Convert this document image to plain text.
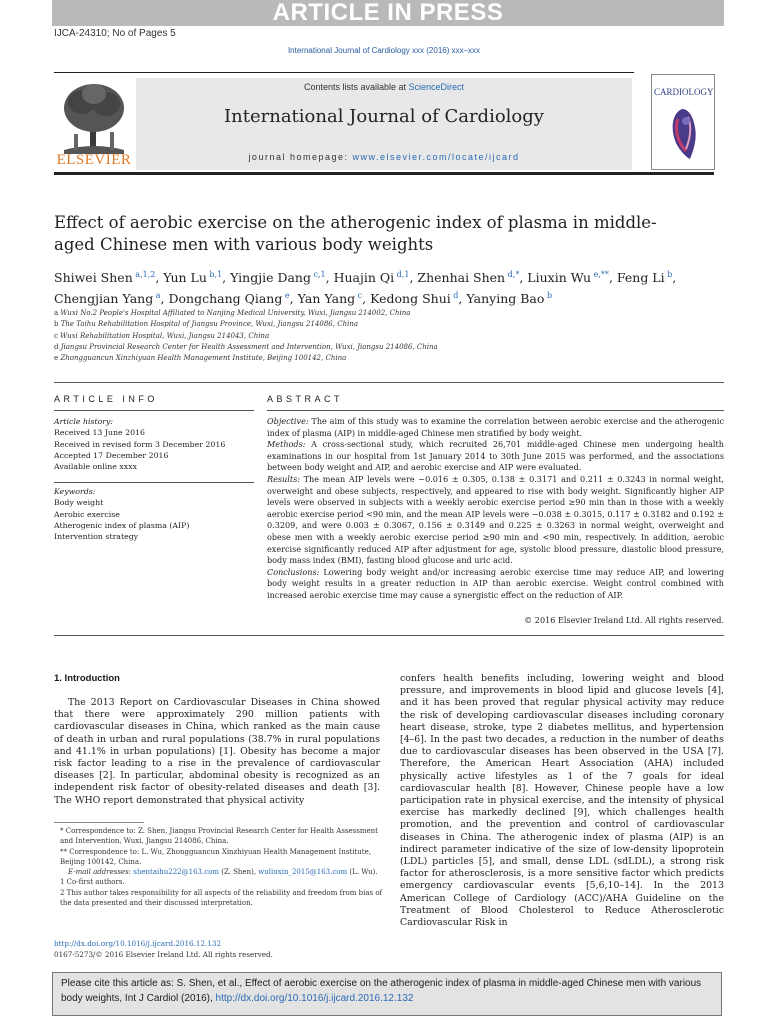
ARTICLE IN PRESS
IJCA-24310; No of Pages 5
International Journal of Cardiology xxx (2016) xxx–xxx
ELSEVIER
Contents lists available at ScienceDirect
International Journal of Cardiology
journal homepage: www.elsevier.com/locate/ijcard
CARDIOLOGY
Effect of aerobic exercise on the atherogenic index of plasma in middle-aged Chinese men with various body weights
Shiwei Shen $^{a,1,2}$, Yun Lu $^{b,1}$, Yingjie Dang $^{c,1}$, Huajin Qi $^{d,1}$, Zhenhai Shen $^{d,*}$, Liuxin Wu $^{e,**}$, Feng Li $^b$, Chengjian Yang $^a$, Dongchang Qiang $^e$, Yan Yang $^c$, Kedong Shui $^d$, Yanying Bao $^b$
a Wuxi No.2 People's Hospital Affiliated to Nanjing Medical University, Wuxi, Jiangsu 214002, China
b The Taihu Rehabilitation Hospital of Jiangsu Province, Wuxi, Jiangsu 214086, China
c Wuxi Rehabilitation Hospital, Wuxi, Jiangsu 214043, China
d Jiangsu Provincial Research Center for Health Assessment and Intervention, Wuxi, Jiangsu 214086, China
e Zhongguancun Xinzhiyuan Health Management Institute, Beijing 100142, China
ARTICLE INFO	ABSTRACT
Article history:
Received 13 June 2016
Received in revised form 3 December 2016
Accepted 17 December 2016
Available online xxxx
Keywords:
Body weight
Aerobic exercise
Atherogenic index of plasma (AIP)
Intervention strategy
Objective: The aim of this study was to examine the correlation between aerobic exercise and the atherogenic index of plasma (AIP) in middle-aged Chinese men stratified by body weight.
Methods: A cross-sectional study, which recruited 26,701 middle-aged Chinese men undergoing health examinations in our hospital from 1st January 2014 to 30th June 2015 was performed, and the associations between body weight and AIP, and aerobic exercise and AIP were evaluated.
Results: The mean AIP levels were −0.016 ± 0.305, 0.138 ± 0.3171 and 0.211 ± 0.3243 in normal weight, overweight and obese subjects, respectively, and appeared to rise with body weight. Significantly higher AIP levels were observed in subjects with a weekly aerobic exercise period ≥90 min than in those with a weekly aerobic exercise period <90 min, and the mean AIP levels were −0.038 ± 0.3015, 0.117 ± 0.3182 and 0.192 ± 0.3209, and were 0.003 ± 0.3067, 0.156 ± 0.3149 and 0.225 ± 0.3263 in normal weight, overweight and obese men with a weekly aerobic exercise period ≥90 min and <90 min, respectively. In addition, aerobic exercise significantly reduced AIP after adjustment for age, systolic blood pressure, diastolic blood pressure, body mass index (BMI), fasting blood glucose and uric acid.
Conclusions: Lowering body weight and/or increasing aerobic exercise time may reduce AIP, and lowering body weight results in a greater reduction in AIP than aerobic exercise. Weight control combined with increased aerobic exercise time may cause a synergistic effect on the reduction of AIP.
© 2016 Elsevier Ireland Ltd. All rights reserved.
1. Introduction
The 2013 Report on Cardiovascular Diseases in China showed that there were approximately 290 million patients with cardiovascular diseases in China, which ranked as the main cause of death in urban and rural populations (38.7% in rural populations and 41.1% in urban populations) [1]. Obesity has become a major risk factor leading to a rise in the prevalence of cardiovascular diseases [2]. In particular, abdominal obesity is recognized as an independent risk factor of obesity-related diseases and death [3]. The WHO report demonstrated that physical activity
confers health benefits including, lowering weight and blood pressure, and improvements in blood lipid and glucose levels [4], and it has been proved that regular physical activity may reduce the risk of developing cardiovascular diseases including coronary heart disease, stroke, type 2 diabetes mellitus, and hypertension [4–6]. In the past two decades, a reduction in the number of deaths due to cardiovascular diseases has been observed in the USA [7]. Therefore, the American Heart Association (AHA) included physically active lifestyles as 1 of the 7 goals for ideal cardiovascular health [8]. However, Chinese people have a low participation rate in physical exercise, and the intensity of physical exercise has markedly declined [9], which challenges health promotion, and the prevention and control of cardiovascular diseases in China. The atherogenic index of plasma (AIP) is an indirect parameter indicative of the size of low-density lipoprotein (LDL) particles [5], and small, dense LDL (sdLDL), a strong risk factor for atherosclerosis, is a more sensitive factor which predicts emergency cardiovascular events [5,6,10–14]. In the 2013 American College of Cardiology (ACC)/AHA Guideline on the Treatment of Blood Cholesterol to Reduce Atherosclerotic Cardiovascular Risk in
* Correspondence to: Z. Shen, Jiangsu Provincial Research Center for Health Assessment and Intervention, Wuxi, Jiangsu 214086, China.
** Correspondence to: L. Wu, Zhongguancun Xinzhiyuan Health Management Institute, Beijing 100142, China.
E-mail addresses: shentaihu222@163.com (Z. Shen), wuliuxin_2015@163.com (L. Wu).
1 Co-first authors.
2 This author takes responsibility for all aspects of the reliability and freedom from bias of the data presented and their discussed interpretation.
http://dx.doi.org/10.1016/j.ijcard.2016.12.132
0167-5273/© 2016 Elsevier Ireland Ltd. All rights reserved.
Please cite this article as: S. Shen, et al., Effect of aerobic exercise on the atherogenic index of plasma in middle-aged Chinese men with various body weights, Int J Cardiol (2016), http://dx.doi.org/10.1016/j.ijcard.2016.12.132
